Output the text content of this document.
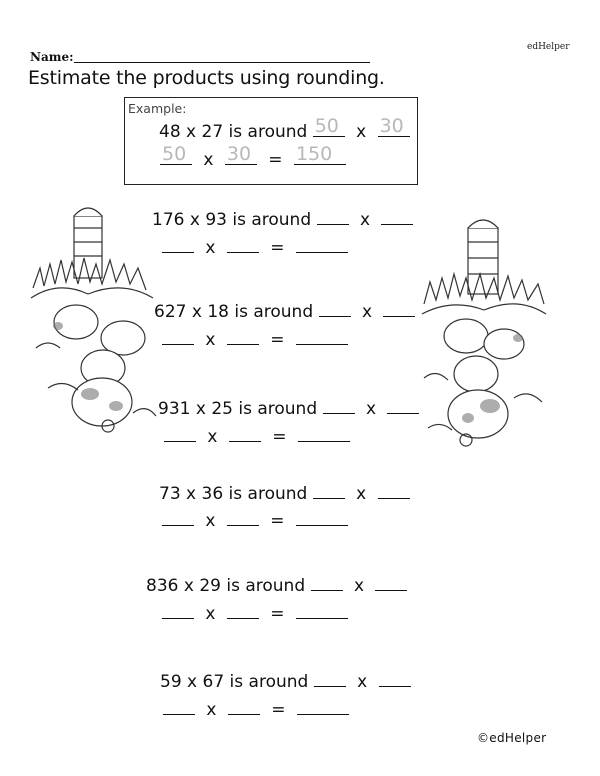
edHelper
Name:
Estimate the products using rounding.
Example:
48 x 27 is around 50 x 30
50 x 30 = 150
176 x 93 is around	x
x	=
627 x 18 is around	x
x	=
931 x 25 is around	x
x	=
73 x 36 is around	x
x	=
836 x 29 is around	x
x	=
59 x 67 is around	x
x	=
©edHelper
